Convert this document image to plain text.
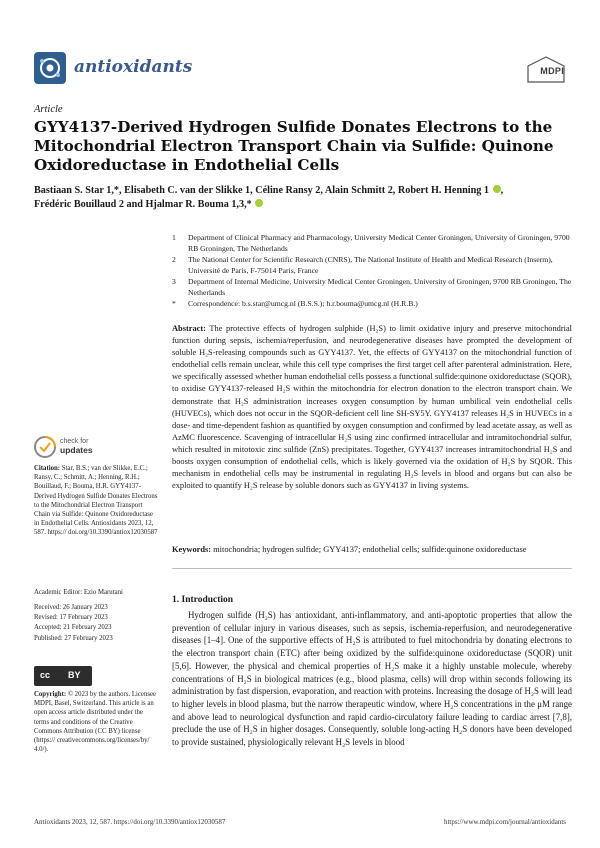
antioxidants	MDPI
Article
GYY4137-Derived Hydrogen Sulfide Donates Electrons to the Mitochondrial Electron Transport Chain via Sulfide: Quinone Oxidoreductase in Endothelial Cells
Bastiaan S. Star 1,*, Elisabeth C. van der Slikke 1, Céline Ransy 2, Alain Schmitt 2, Robert H. Henning 1 ,
Frédéric Bouillaud 2 and Hjalmar R. Bouma 1,3,*
1 Department of Clinical Pharmacy and Pharmacology, University Medical Center Groningen, University of Groningen, 9700 RB Groningen, The Netherlands
2 The National Center for Scientific Research (CNRS), The National Institute of Health and Medical Research (Inserm), Université de Paris, F-75014 Paris, France
3 Department of Internal Medicine, University Medical Center Groningen, University of Groningen, 9700 RB Groningen, The Netherlands
* Correspondence: b.s.star@umcg.nl (B.S.S.); h.r.bouma@umcg.nl (H.R.B.)
Abstract: The protective effects of hydrogen sulphide (H₂S) to limit oxidative injury and preserve mitochondrial function during sepsis, ischemia/reperfusion, and neurodegenerative diseases have prompted the development of soluble H₂S-releasing compounds such as GYY4137. Yet, the effects of GYY4137 on the mitochondrial function of endothelial cells remain unclear, while this cell type comprises the first target cell after parenteral administration. Here, we specifically assessed whether human endothelial cells possess a functional sulfide:quinone oxidoreductase (SQOR), to oxidise GYY4137-released H₂S within the mitochondria for electron donation to the electron transport chain. We demonstrate that H₂S administration increases oxygen consumption by human umbilical vein endothelial cells (HUVECs), which does not occur in the SQOR-deficient cell line SH-SY5Y. GYY4137 releases H₂S in HUVECs in a dose- and time-dependent fashion as quantified by oxygen consumption and confirmed by lead acetate assay, as well as AzMC fluorescence. Scavenging of intracellular H₂S using zinc confirmed intracellular and intramitochondrial sulfur, which resulted in mitotoxic zinc sulfide (ZnS) precipitates. Together, GYY4137 increases intramitochondrial H₂S and boosts oxygen consumption of endothelial cells, which is likely governed via the oxidation of H₂S by SQOR. This mechanism in endothelial cells may be instrumental in regulating H₂S levels in blood and organs but can also be exploited to quantify H₂S release by soluble donors such as GYY4137 in living systems.
Keywords: mitochondria; hydrogen sulfide; GYY4137; endothelial cells; sulfide:quinone oxidoreductase
check for
updates
Citation: Star, B.S.; van der Slikke, E.C.; Ransy, C.; Schmitt, A.; Henning, R.H.; Bouillaud, F.; Bouma, H.R. GYY4137-Derived Hydrogen Sulfide Donates Electrons to the Mitochondrial Electron Transport Chain via Sulfide: Quinone Oxidoreductase in Endothelial Cells. Antioxidants 2023, 12, 587. https:// doi.org/10.3390/antiox12030587
Academic Editor: Ezio Marutani
Received: 26 January 2023
Revised: 17 February 2023
Accepted: 21 February 2023
Published: 27 February 2023
cc BY
Copyright: © 2023 by the authors. Licensee MDPI, Basel, Switzerland. This article is an open access article distributed under the terms and conditions of the Creative Commons Attribution (CC BY) license (https:// creativecommons.org/licenses/by/ 4.0/).
1. Introduction
Hydrogen sulfide (H₂S) has antioxidant, anti-inflammatory, and anti-apoptotic properties that allow the prevention of cellular injury in various diseases, such as sepsis, ischemia-reperfusion, and neurodegenerative diseases [1–4]. One of the supportive effects of H₂S is attributed to fuel mitochondria by donating electrons to the electron transport chain (ETC) after being oxidized by the sulfide:quinone oxidoreductase (SQOR) unit [5,6]. However, the physical and chemical properties of H₂S make it a highly unstable molecule, whereby concentrations of H₂S in biological matrices (e.g., blood plasma, cells) will drop within seconds following its administration by fast dispersion, evaporation, and reaction with proteins. Increasing the dosage of H₂S will lead to higher levels in blood plasma, but the narrow therapeutic window, where H₂S concentrations in the μM range and above lead to neurological dysfunction and rapid cardio-circulatory failure leading to cardiac arrest [7,8], preclude the use of H₂S in higher dosages. Consequently, soluble long-acting H₂S donors have been developed to provide sustained, physiologically relevant H₂S levels in blood
Antioxidants 2023, 12, 587. https://doi.org/10.3390/antiox12030587	https://www.mdpi.com/journal/antioxidants
